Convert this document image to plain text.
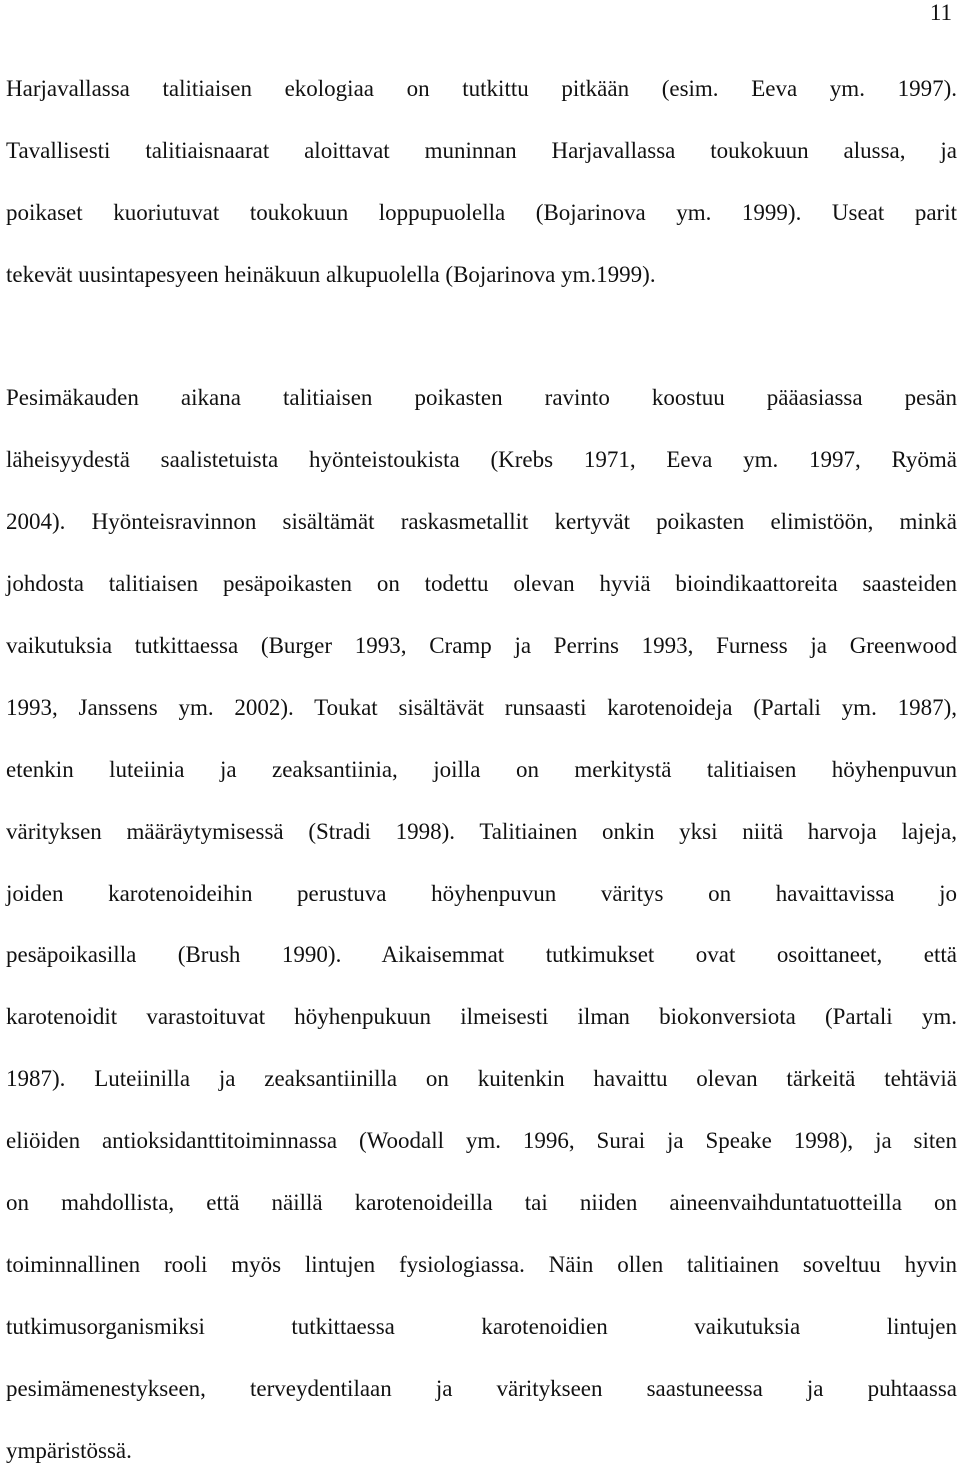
11
Harjavallassa talitiaisen ekologiaa on tutkittu pitkään (esim. Eeva ym. 1997).
Tavallisesti talitiaisnaarat aloittavat muninnan Harjavallassa toukokuun alussa, ja
poikaset kuoriutuvat toukokuun loppupuolella (Bojarinova ym. 1999). Useat parit
tekevät uusintapesyeen heinäkuun alkupuolella (Bojarinova ym.1999).
Pesimäkauden aikana talitiaisen poikasten ravinto koostuu pääasiassa pesän
läheisyydestä saalistetuista hyönteistoukista (Krebs 1971, Eeva ym. 1997, Ryömä
2004). Hyönteisravinnon sisältämät raskasmetallit kertyvät poikasten elimistöön, minkä
johdosta talitiaisen pesäpoikasten on todettu olevan hyviä bioindikaattoreita saasteiden
vaikutuksia tutkittaessa (Burger 1993, Cramp ja Perrins 1993, Furness ja Greenwood
1993, Janssens ym. 2002). Toukat sisältävät runsaasti karotenoideja (Partali ym. 1987),
etenkin luteiinia ja zeaksantiinia, joilla on merkitystä talitiaisen höyhenpuvun
värityksen määräytymisessä (Stradi 1998). Talitiainen onkin yksi niitä harvoja lajeja,
joiden karotenoideihin perustuva höyhenpuvun väritys on havaittavissa jo
pesäpoikasilla (Brush 1990). Aikaisemmat tutkimukset ovat osoittaneet, että
karotenoidit varastoituvat höyhenpukuun ilmeisesti ilman biokonversiota (Partali ym.
1987). Luteiinilla ja zeaksantiinilla on kuitenkin havaittu olevan tärkeitä tehtäviä
eliöiden antioksidanttitoiminnassa (Woodall ym. 1996, Surai ja Speake 1998), ja siten
on mahdollista, että näillä karotenoideilla tai niiden aineenvaihduntatuotteilla on
toiminnallinen rooli myös lintujen fysiologiassa. Näin ollen talitiainen soveltuu hyvin
tutkimusorganismiksi tutkittaessa karotenoidien vaikutuksia lintujen
pesimämenestykseen, terveydentilaan ja väritykseen saastuneessa ja puhtaassa
ympäristössä.
